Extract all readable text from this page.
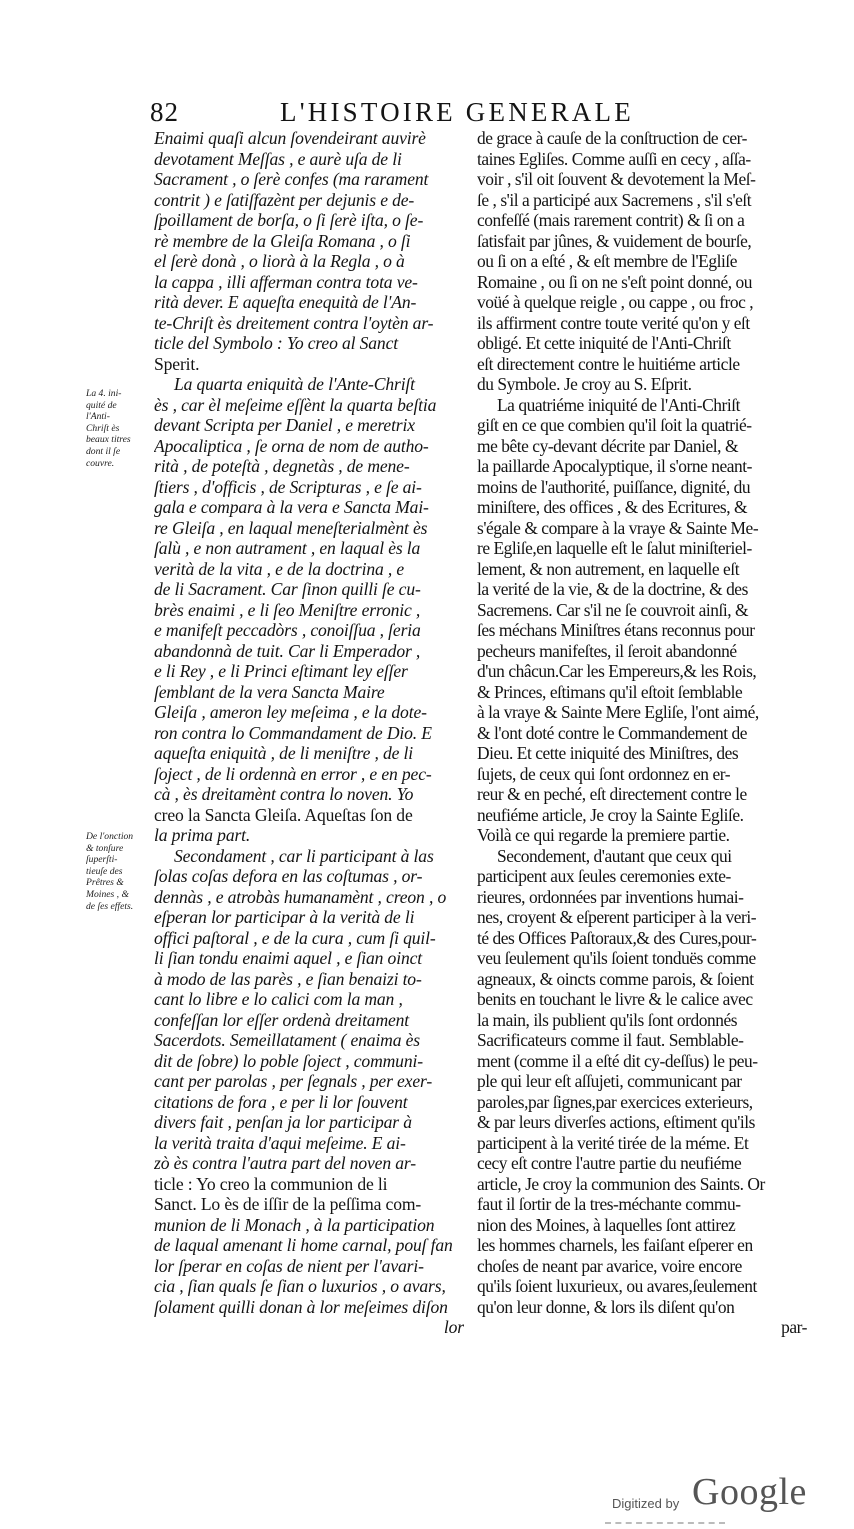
82	L'HISTOIRE GENERALE
La 4. ini-
quité de
l'Anti-
Chriſt ès
beaux titres
dont il ſe
couvre.
De l'onction
& tonſure
ſuperſti-
tieuſe des
Prêtres &
Moines , &
de ſes effets.
Enaimi quaſi alcun ſovendeirant auvirè
devotament Meſſas , e aurè uſa de li
Sacrament , o ſerè confes (ma rarament
contrit ) e ſatiſfazènt per dejunis e de-
ſpoillament de borſa, o ſi ſerè iſta, o ſe-
rè membre de la Gleiſa Romana , o ſi
el ſerè donà , o liorà à la Regla , o à
la cappa , illi afferman contra tota ve-
rità dever. E aqueſta enequità de l'An-
te-Chriſt ès dreitement contra l'oytèn ar-
ticle del Symbolo : Yo creo al Sanct
Sperit.
La quarta eniquità de l'Ante-Chriſt
ès , car èl meſeime eſſènt la quarta beſtia
devant Scripta per Daniel , e meretrix
Apocaliptica , ſe orna de nom de autho-
rità , de poteſtà , degnetàs , de mene-
ſtiers , d'officis , de Scripturas , e ſe ai-
gala e compara à la vera e Sancta Mai-
re Gleiſa , en laqual meneſterialmènt ès
ſalù , e non autrament , en laqual ès la
verità de la vita , e de la doctrina , e
de li Sacrament. Car ſinon quilli ſe cu-
brès enaimi , e li ſeo Meniſtre erronic ,
e manifeſt peccadòrs , conoiſſua , ſeria
abandonnà de tuit. Car li Emperador ,
e li Rey , e li Princi eſtimant ley eſſer
ſemblant de la vera Sancta Maire
Gleiſa , ameron ley meſeima , e la dote-
ron contra lo Commandament de Dio. E
aqueſta eniquità , de li meniſtre , de li
ſoject , de li ordennà en error , e en pec-
cà , ès dreitamènt contra lo noven. Yo
creo la Sancta Gleiſa. Aqueſtas ſon de
la prima part.
Secondament , car li participant à las
ſolas coſas defora en las coſtumas , or-
dennàs , e atrobàs humanamènt , creon , o
eſperan lor participar à la verità de li
offici paſtoral , e de la cura , cum ſi quil-
li ſian tondu enaimi aquel , e ſian oinct
à modo de las parès , e ſian benaizi to-
cant lo libre e lo calici com la man ,
confeſſan lor eſſer ordenà dreitament
Sacerdots. Semeillatament ( enaima ès
dit de ſobre) lo poble ſoject , communi-
cant per parolas , per ſegnals , per exer-
citations de fora , e per li lor ſouvent
divers fait , penſan ja lor participar à
la verità traita d'aqui meſeime. E ai-
zò ès contra l'autra part del noven ar-
ticle : Yo creo la communion de li
Sanct. Lo ès de iſſir de la peſſima com-
munion de li Monach , à la participation
de laqual amenant li home carnal, pouſ fan
lor ſperar en coſas de nient per l'avari-
cia , ſian quals ſe ſian o luxurios , o avars,
ſolament quilli donan à lor meſeimes diſon
lor
de grace à cauſe de la conſtruction de cer-
taines Egliſes. Comme auſſi en cecy , aſſa-
voir , s'il oit ſouvent & devotement la Meſ-
ſe , s'il a participé aux Sacremens , s'il s'eſt
confeſſé (mais rarement contrit) & ſi on a
ſatisfait par jûnes, & vuidement de bourſe,
ou ſi on a eſté , & eſt membre de l'Egliſe
Romaine , ou ſi on ne s'eſt point donné, ou
voüé à quelque reigle , ou cappe , ou froc ,
ils affirment contre toute verité qu'on y eſt
obligé. Et cette iniquité de l'Anti-Chriſt
eſt directement contre le huitiéme article
du Symbole. Je croy au S. Eſprit.
La quatriéme iniquité de l'Anti-Chriſt
giſt en ce que combien qu'il ſoit la quatrié-
me bête cy-devant décrite par Daniel, &
la paillarde Apocalyptique, il s'orne neant-
moins de l'authorité, puiſſance, dignité, du
miniſtere, des offices , & des Ecritures, &
s'égale & compare à la vraye & Sainte Me-
re Egliſe,en laquelle eſt le ſalut miniſteriel-
lement, & non autrement, en laquelle eſt
la verité de la vie, & de la doctrine, & des
Sacremens. Car s'il ne ſe couvroit ainſi, &
ſes méchans Miniſtres étans reconnus pour
pecheurs manifeſtes, il ſeroit abandonné
d'un châcun.Car les Empereurs,& les Rois,
& Princes, eſtimans qu'il eſtoit ſemblable
à la vraye & Sainte Mere Egliſe, l'ont aimé,
& l'ont doté contre le Commandement de
Dieu. Et cette iniquité des Miniſtres, des
ſujets, de ceux qui ſont ordonnez en er-
reur & en peché, eſt directement contre le
neufiéme article, Je croy la Sainte Egliſe.
Voilà ce qui regarde la premiere partie.
Secondement, d'autant que ceux qui
participent aux ſeules ceremonies exte-
rieures, ordonnées par inventions humai-
nes, croyent & eſperent participer à la veri-
té des Offices Paſtoraux,& des Cures,pour-
veu ſeulement qu'ils ſoient tonduës comme
agneaux, & oincts comme parois, & ſoient
benits en touchant le livre & le calice avec
la main, ils publient qu'ils ſont ordonnés
Sacrificateurs comme il faut. Semblable-
ment (comme il a eſté dit cy-deſſus) le peu-
ple qui leur eſt aſſujeti, communicant par
paroles,par ſignes,par exercices exterieurs,
& par leurs diverſes actions, eſtiment qu'ils
participent à la verité tirée de la méme. Et
cecy eſt contre l'autre partie du neufiéme
article, Je croy la communion des Saints. Or
faut il ſortir de la tres-méchante commu-
nion des Moines, à laquelles ſont attirez
les hommes charnels, les faiſant eſperer en
choſes de neant par avarice, voire encore
qu'ils ſoient luxurieux, ou avares,ſeulement
qu'on leur donne, & lors ils diſent qu'on
par-
Digitized by Google
